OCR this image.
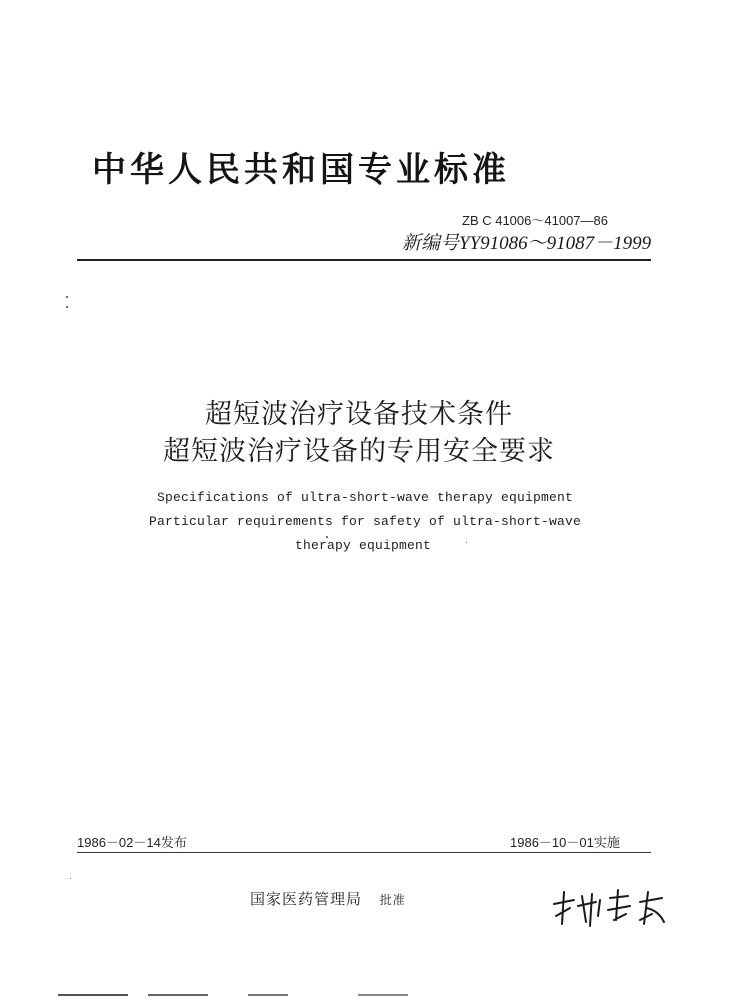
中华人民共和国专业标准
ZB C 41006～41007—86
新编号YY91086～91087－1999
超短波治疗设备技术条件
超短波治疗设备的专用安全要求
Specifications of ultra-short-wave therapy equipment
Particular requirements for safety of ultra-short-wave
therapy equipment
1986－02－14发布	1986－10－01实施
国家医药管理局 批准
